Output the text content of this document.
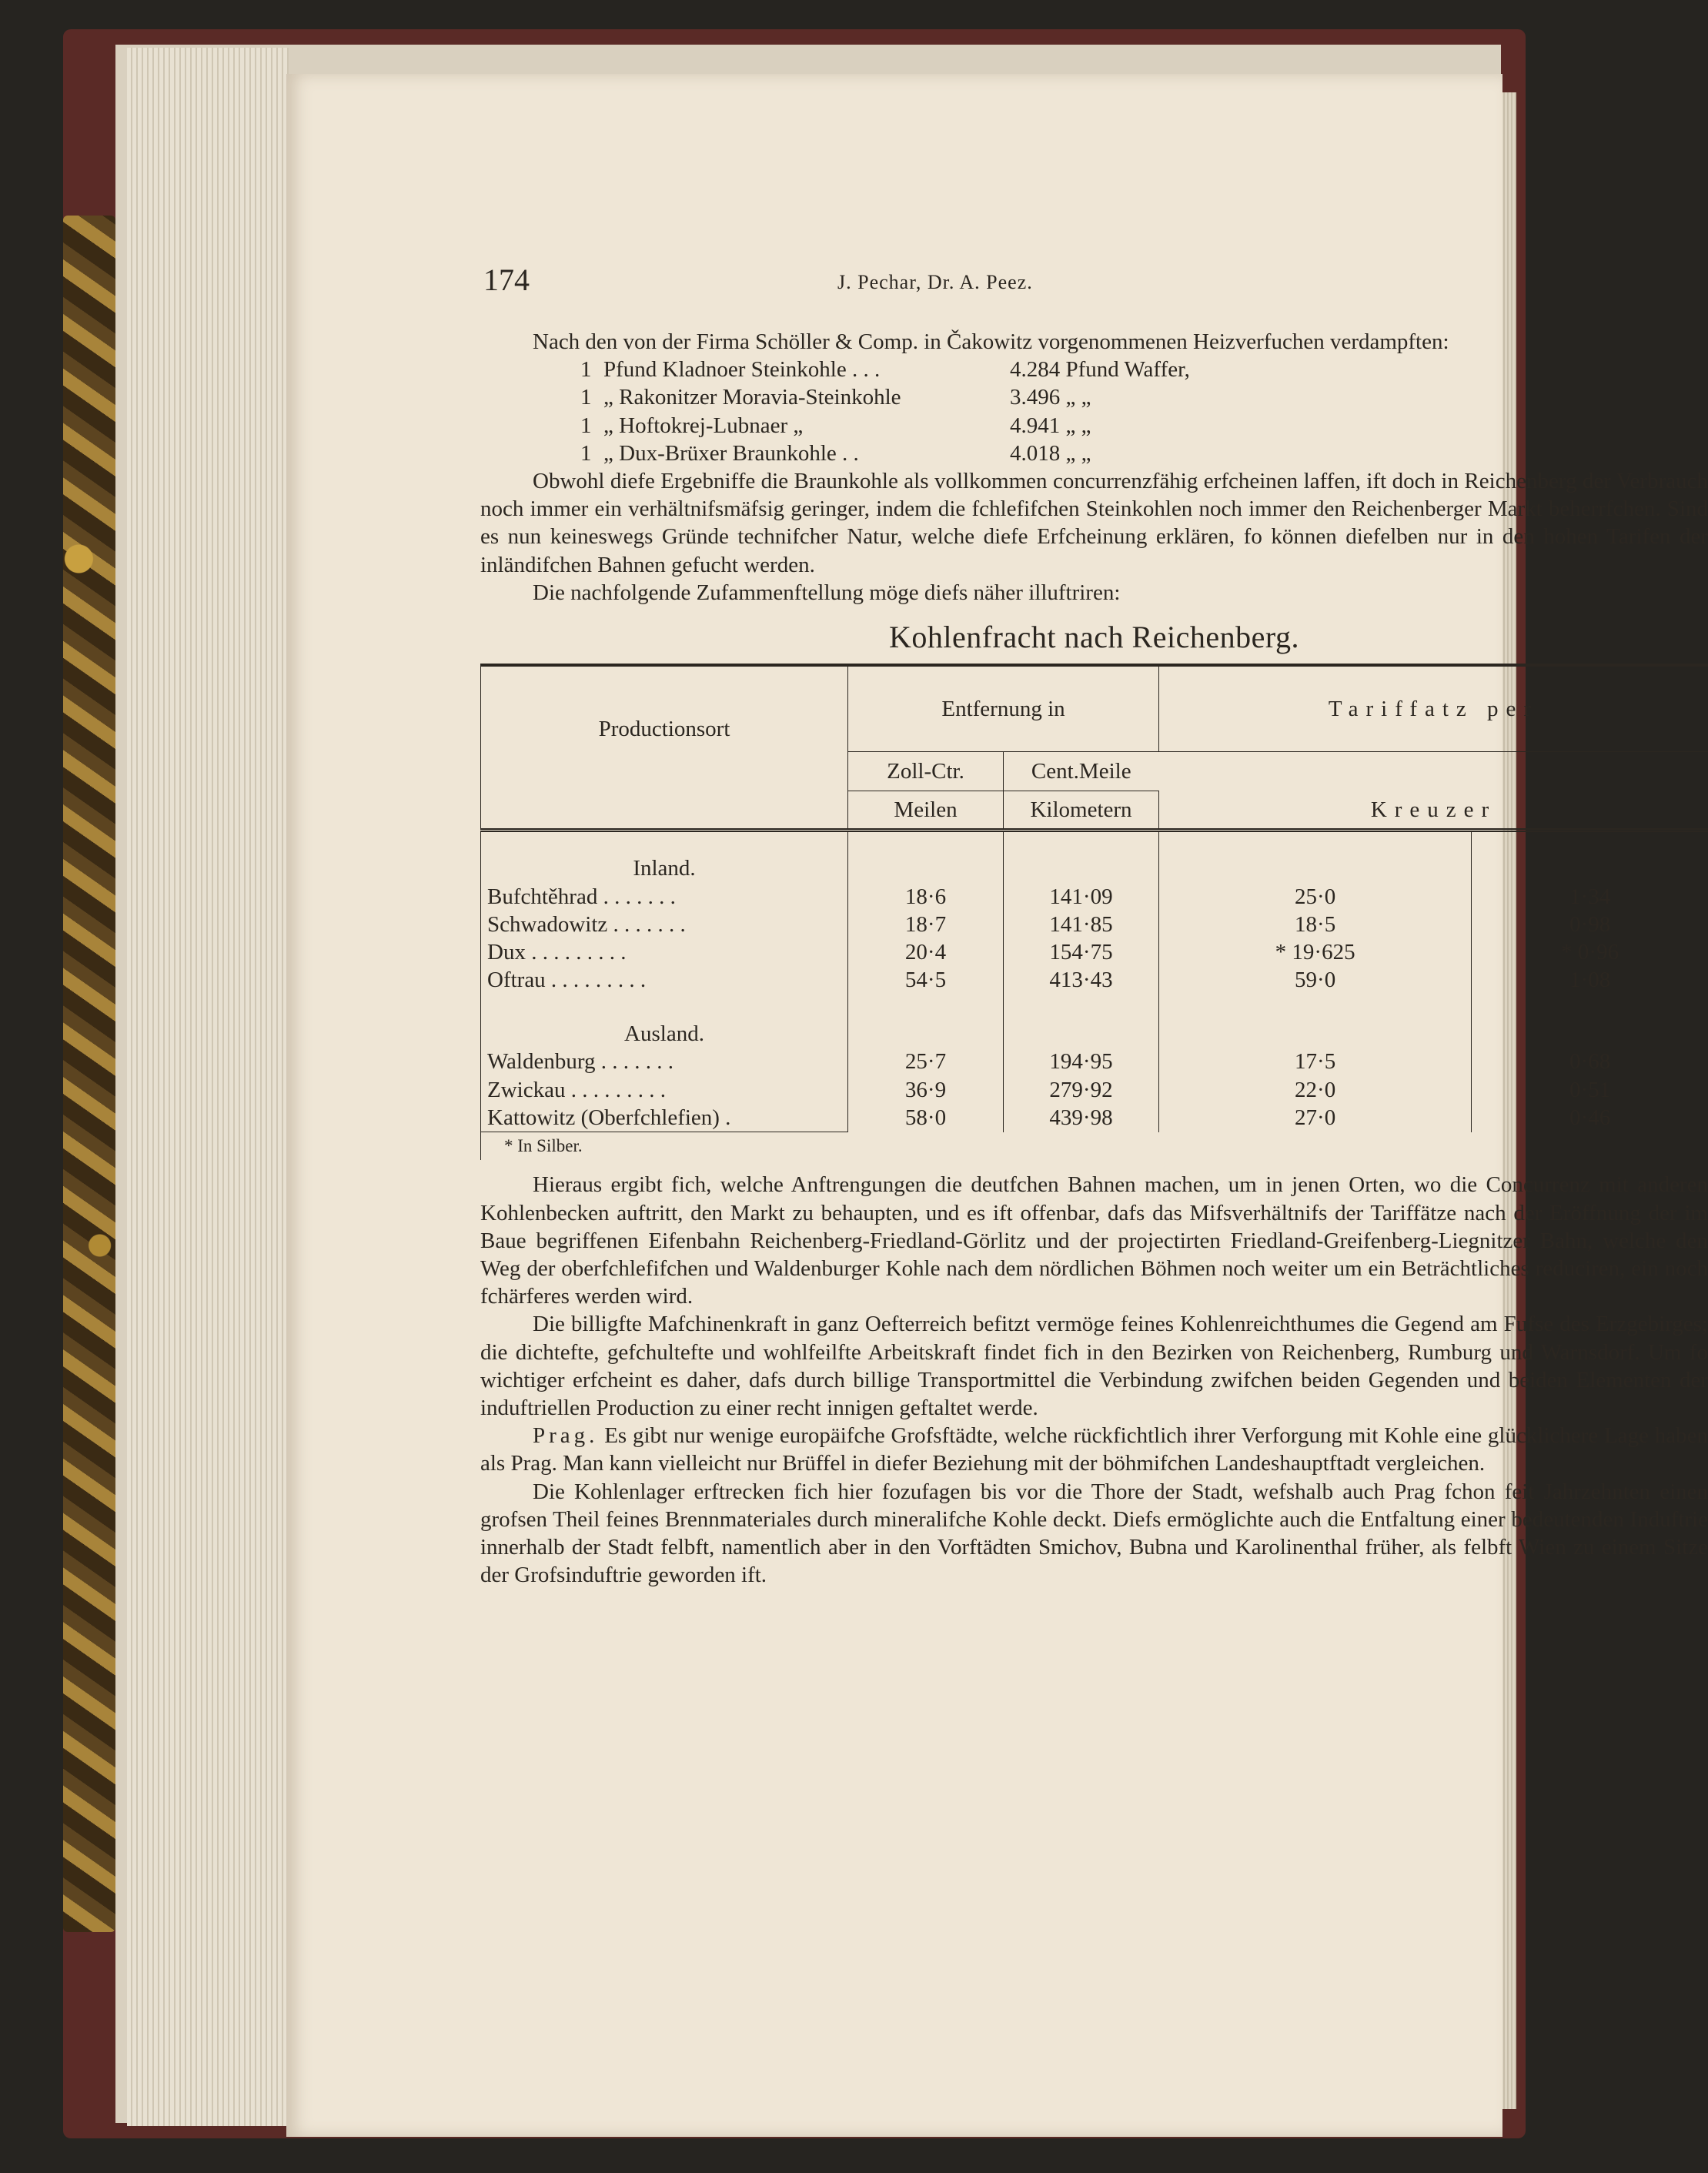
174	J. Pechar, Dr. A. Peez.

Nach den von der Firma Schöller & Comp. in Čakowitz vorgenommenen Heizverfuchen verdampften:

1 Pfund Kladnoer Steinkohle . . .	4.284 Pfund Waffer,
1 „ Rakonitzer Moravia-Steinkohle	3.496 „ „
1 „ Hoftokrej-Lubnaer „	4.941 „ „
1 „ Dux-Brüxer Braunkohle . .	4.018 „ „

Obwohl diefe Ergebniffe die Braunkohle als vollkommen concurrenzfähig erfcheinen laffen, ift doch in Reichenberg der Verbrauch noch immer ein verhältnifsmäfsig geringer, indem die fchlefifchen Steinkohlen noch immer den Reichenberger Markt beherrfchen. Sind es nun keineswegs Gründe technifcher Natur, welche diefe Erfcheinung erklären, fo können diefelben nur in den hohen Tarifen der inländifchen Bahnen gefucht werden.

Die nachfolgende Zufammenftellung möge diefs näher illuftriren:

Kohlenfracht nach Reichenberg.
Productionsort	Entfernung in		Tariffatz per	
	Zoll-Ctr.	Cent.Meile		
	Meilen	Kilometern	Kreuzer	
Inland.				
Bufchtěhrad . . . . . . .	18·6	141·09	25·0	1·34
Schwadowitz . . . . . . .	18·7	141·85	18·5	0·98
Dux . . . . . . . . .	20·4	154·75	* 19·625	* 0·96
Oftrau . . . . . . . . .	54·5	413·43	59·0	1·08
Ausland.				
Waldenburg . . . . . . .	25·7	194·95	17·5	0·68
Zwickau . . . . . . . . .	36·9	279·92	22·0	0·51
Kattowitz (Oberfchlefien) .	58·0	439·98	27·0	0·46
* In Silber.				

Hieraus ergibt fich, welche Anftrengungen die deutfchen Bahnen machen, um in jenen Orten, wo die Concurrenz mit anderen Kohlenbecken auftritt, den Markt zu behaupten, und es ift offenbar, dafs das Mifsverhältnifs der Tariffätze nach der Eröffnung der im Baue begriffenen Eifenbahn Reichenberg-Friedland-Görlitz und der projectirten Friedland-Greifenberg-Liegnitzer Bahn, welche den Weg der oberfchlefifchen und Waldenburger Kohle nach dem nördlichen Böhmen noch weiter um ein Beträchtliches reduciren, ein noch fchärferes werden wird.

Die billigfte Mafchinenkraft in ganz Oefterreich befitzt vermöge feines Kohlenreichthumes die Gegend am Fufse des Erzgebirges; die dichtefte, gefchultefte und wohlfeilfte Arbeitskraft findet fich in den Bezirken von Reichenberg, Rumburg und Warnsdorf. Um fo wichtiger erfcheint es daher, dafs durch billige Transportmittel die Verbindung zwifchen beiden Gegenden und beiden Elementen der induftriellen Production zu einer recht innigen geftaltet werde.

Prag. Es gibt nur wenige europäifche Grofsftädte, welche rückfichtlich ihrer Verforgung mit Kohle eine glücklichere Lage haben als Prag. Man kann vielleicht nur Brüffel in diefer Beziehung mit der böhmifchen Landeshauptftadt vergleichen.

Die Kohlenlager erftrecken fich hier fozufagen bis vor die Thore der Stadt, wefshalb auch Prag fchon feit Jahrzehnten einen grofsen Theil feines Brennmateriales durch mineralifche Kohle deckt. Diefs ermöglichte auch die Entfaltung einer bedeutenden Induftrie innerhalb der Stadt felbft, namentlich aber in den Vorftädten Smichov, Bubna und Karolinenthal früher, als felbft Wien zu einem Sitze der Grofsinduftrie geworden ift.
